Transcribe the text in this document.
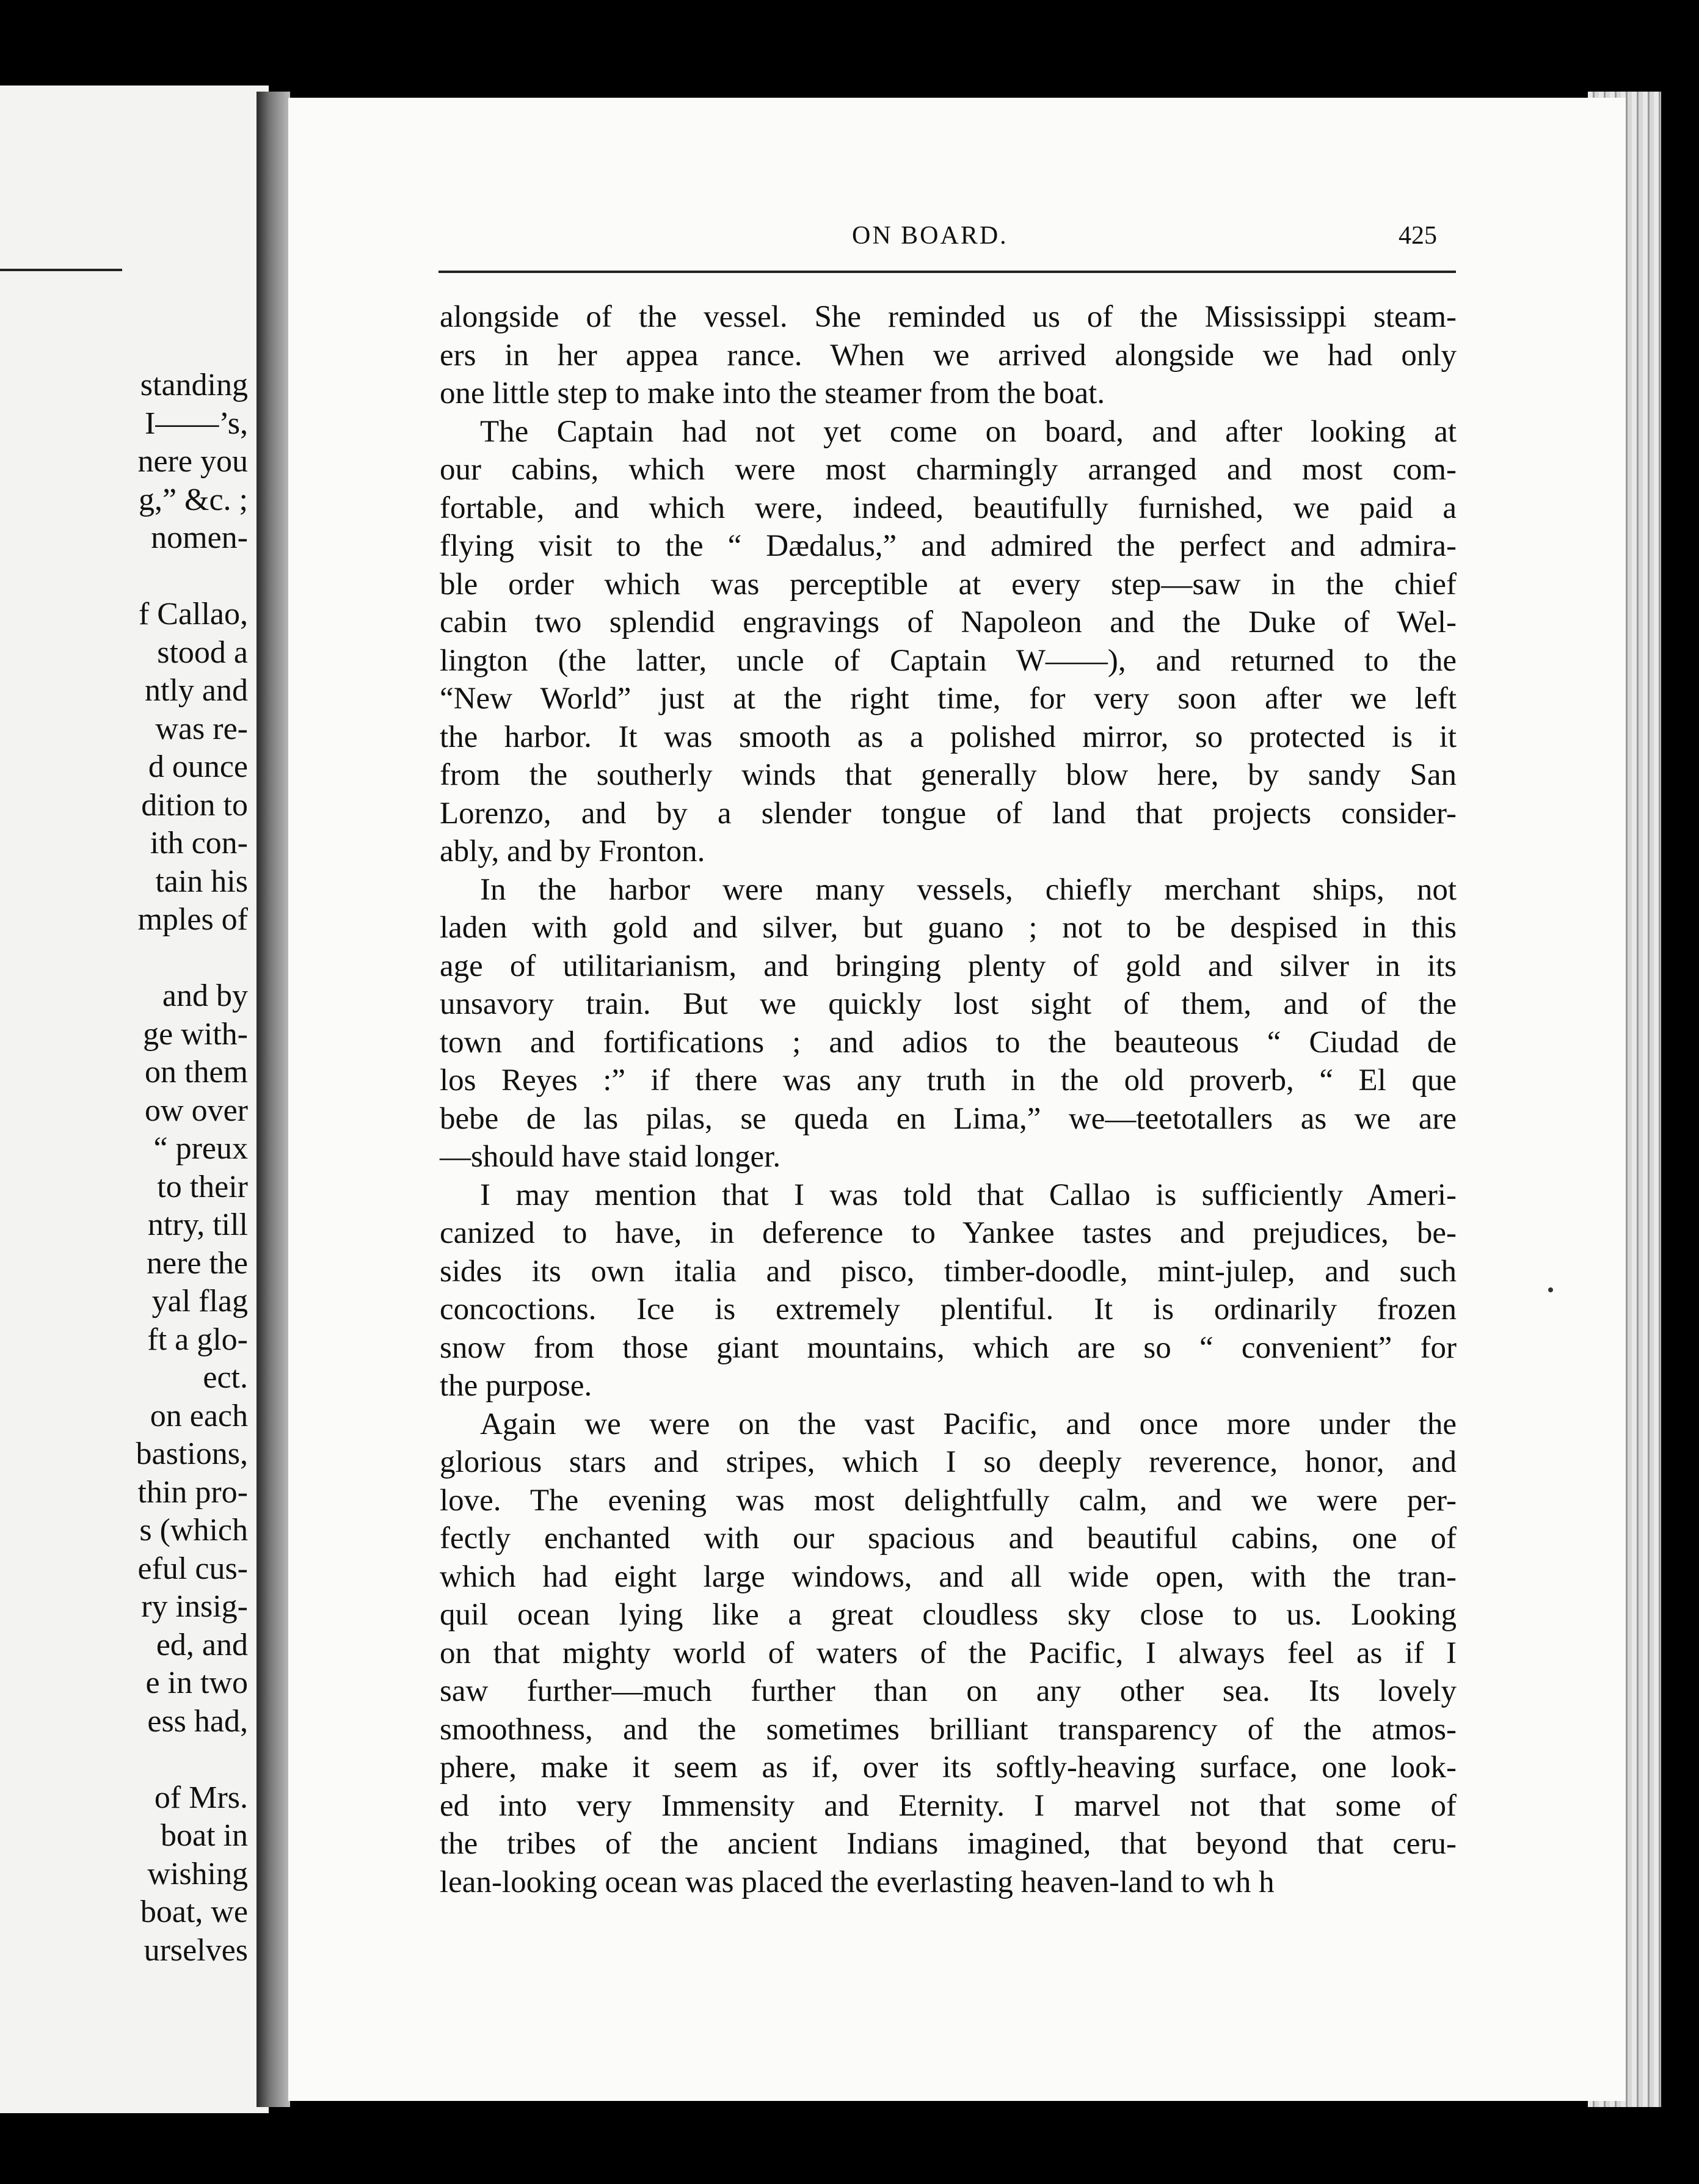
standing
I——’s,
nere you
g,” &c. ;
nomen-
f Callao,
stood a
ntly and
was re-
d ounce
dition to
ith con-
tain his
mples of
and by
ge with-
on them
ow over
“ preux
to their
ntry, till
nere the
yal flag
ft a glo-
ect.
on each
bastions,
thin pro-
s (which
eful cus-
ry insig-
ed, and
e in two
ess had,
of Mrs.
boat in
wishing
boat, we
urselves
ON BOARD.	425
alongside of the vessel. She reminded us of the Mississippi steam-
ers in her appea rance. When we arrived alongside we had only
one little step to make into the steamer from the boat.
The Captain had not yet come on board, and after looking at
our cabins, which were most charmingly arranged and most com-
fortable, and which were, indeed, beautifully furnished, we paid a
flying visit to the “ Dædalus,” and admired the perfect and admira-
ble order which was perceptible at every step—saw in the chief
cabin two splendid engravings of Napoleon and the Duke of Wel-
lington (the latter, uncle of Captain W——), and returned to the
“New World” just at the right time, for very soon after we left
the harbor. It was smooth as a polished mirror, so protected is it
from the southerly winds that generally blow here, by sandy San
Lorenzo, and by a slender tongue of land that projects consider-
ably, and by Fronton.
In the harbor were many vessels, chiefly merchant ships, not
laden with gold and silver, but guano ; not to be despised in this
age of utilitarianism, and bringing plenty of gold and silver in its
unsavory train. But we quickly lost sight of them, and of the
town and fortifications ; and adios to the beauteous “ Ciudad de
los Reyes :” if there was any truth in the old proverb, “ El que
bebe de las pilas, se queda en Lima,” we—teetotallers as we are
—should have staid longer.
I may mention that I was told that Callao is sufficiently Ameri-
canized to have, in deference to Yankee tastes and prejudices, be-
sides its own italia and pisco, timber-doodle, mint-julep, and such
concoctions. Ice is extremely plentiful. It is ordinarily frozen
snow from those giant mountains, which are so “ convenient” for
the purpose.
Again we were on the vast Pacific, and once more under the
glorious stars and stripes, which I so deeply reverence, honor, and
love. The evening was most delightfully calm, and we were per-
fectly enchanted with our spacious and beautiful cabins, one of
which had eight large windows, and all wide open, with the tran-
quil ocean lying like a great cloudless sky close to us. Looking
on that mighty world of waters of the Pacific, I always feel as if I
saw further—much further than on any other sea. Its lovely
smoothness, and the sometimes brilliant transparency of the atmos-
phere, make it seem as if, over its softly-heaving surface, one look-
ed into very Immensity and Eternity. I marvel not that some of
the tribes of the ancient Indians imagined, that beyond that ceru-
lean-looking ocean was placed the everlasting heaven-land to wh h
